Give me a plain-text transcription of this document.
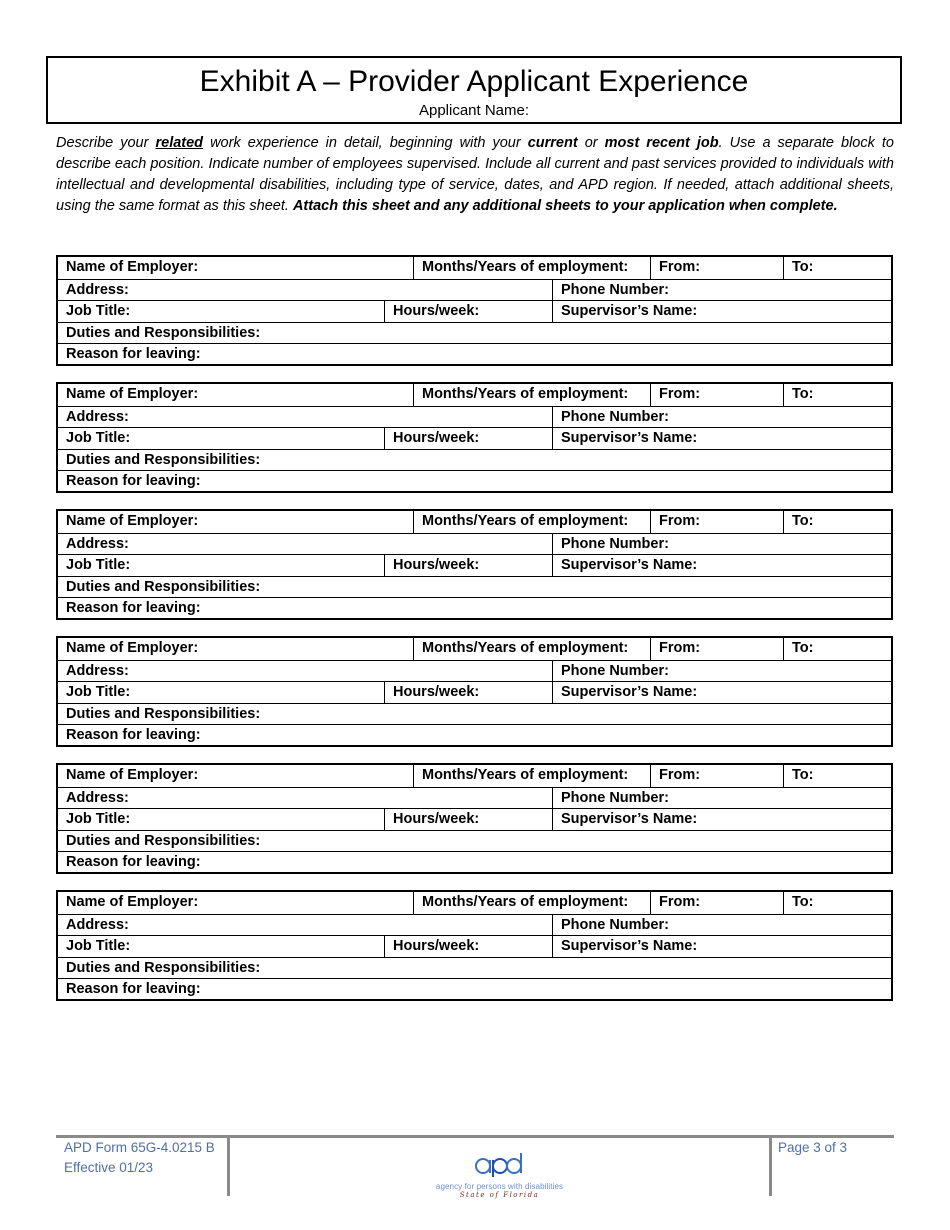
Exhibit A – Provider Applicant Experience
Applicant Name:
Describe your related work experience in detail, beginning with your current or most recent job. Use a separate block to describe each position. Indicate number of employees supervised. Include all current and past services provided to individuals with intellectual and developmental disabilities, including type of service, dates, and APD region. If needed, attach additional sheets, using the same format as this sheet. Attach this sheet and any additional sheets to your application when complete.
Name of Employer:	Months/Years of employment:	From:	To:
Address:	Phone Number:
Job Title:	Hours/week:	Supervisor’s Name:
Duties and Responsibilities:
Reason for leaving:
Name of Employer:	Months/Years of employment:	From:	To:
Address:	Phone Number:
Job Title:	Hours/week:	Supervisor’s Name:
Duties and Responsibilities:
Reason for leaving:
Name of Employer:	Months/Years of employment:	From:	To:
Address:	Phone Number:
Job Title:	Hours/week:	Supervisor’s Name:
Duties and Responsibilities:
Reason for leaving:
Name of Employer:	Months/Years of employment:	From:	To:
Address:	Phone Number:
Job Title:	Hours/week:	Supervisor’s Name:
Duties and Responsibilities:
Reason for leaving:
Name of Employer:	Months/Years of employment:	From:	To:
Address:	Phone Number:
Job Title:	Hours/week:	Supervisor’s Name:
Duties and Responsibilities:
Reason for leaving:
Name of Employer:	Months/Years of employment:	From:	To:
Address:	Phone Number:
Job Title:	Hours/week:	Supervisor’s Name:
Duties and Responsibilities:
Reason for leaving:
APD Form 65G-4.0215 B
Effective 01/23
Page 3 of 3
agency for persons with disabilities
State of Florida
